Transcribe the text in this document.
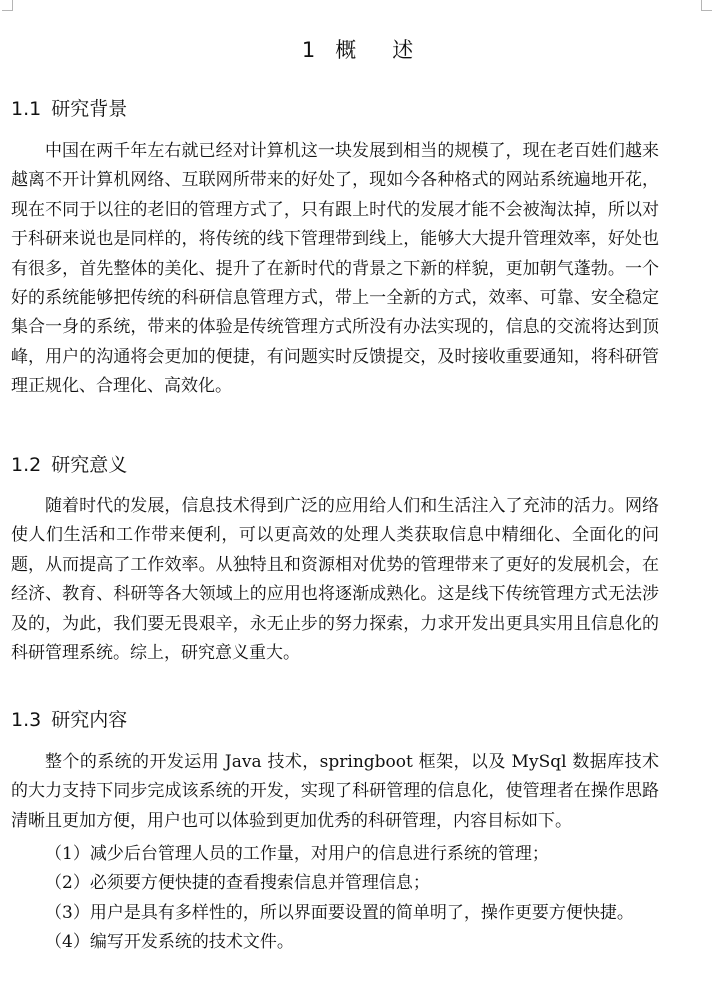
1 概 述
1.1 研究背景

中国在两千年左右就已经对计算机这一块发展到相当的规模了，现在老百姓们越来越离不开计算机网络、互联网所带来的好处了，现如今各种格式的网站系统遍地开花，现在不同于以往的老旧的管理方式了，只有跟上时代的发展才能不会被淘汰掉，所以对于科研来说也是同样的，将传统的线下管理带到线上，能够大大提升管理效率，好处也有很多，首先整体的美化、提升了在新时代的背景之下新的样貌，更加朝气蓬勃。一个好的系统能够把传统的科研信息管理方式，带上一全新的方式，效率、可靠、安全稳定集合一身的系统，带来的体验是传统管理方式所没有办法实现的，信息的交流将达到顶峰，用户的沟通将会更加的便捷，有问题实时反馈提交，及时接收重要通知，将科研管理正规化、合理化、高效化。

1.2 研究意义

随着时代的发展，信息技术得到广泛的应用给人们和生活注入了充沛的活力。网络使人们生活和工作带来便利，可以更高效的处理人类获取信息中精细化、全面化的问题，从而提高了工作效率。从独特且和资源相对优势的管理带来了更好的发展机会，在经济、教育、科研等各大领域上的应用也将逐渐成熟化。这是线下传统管理方式无法涉及的，为此，我们要无畏艰辛，永无止步的努力探索，力求开发出更具实用且信息化的科研管理系统。综上，研究意义重大。

1.3 研究内容

整个的系统的开发运用 Java 技术，springboot 框架，以及 MySql 数据库技术的大力支持下同步完成该系统的开发，实现了科研管理的信息化，使管理者在操作思路清晰且更加方便，用户也可以体验到更加优秀的科研管理，内容目标如下。

（1）减少后台管理人员的工作量，对用户的信息进行系统的管理；
（2）必须要方便快捷的查看搜索信息并管理信息；
（3）用户是具有多样性的，所以界面要设置的简单明了，操作更要方便快捷。
（4）编写开发系统的技术文件。
